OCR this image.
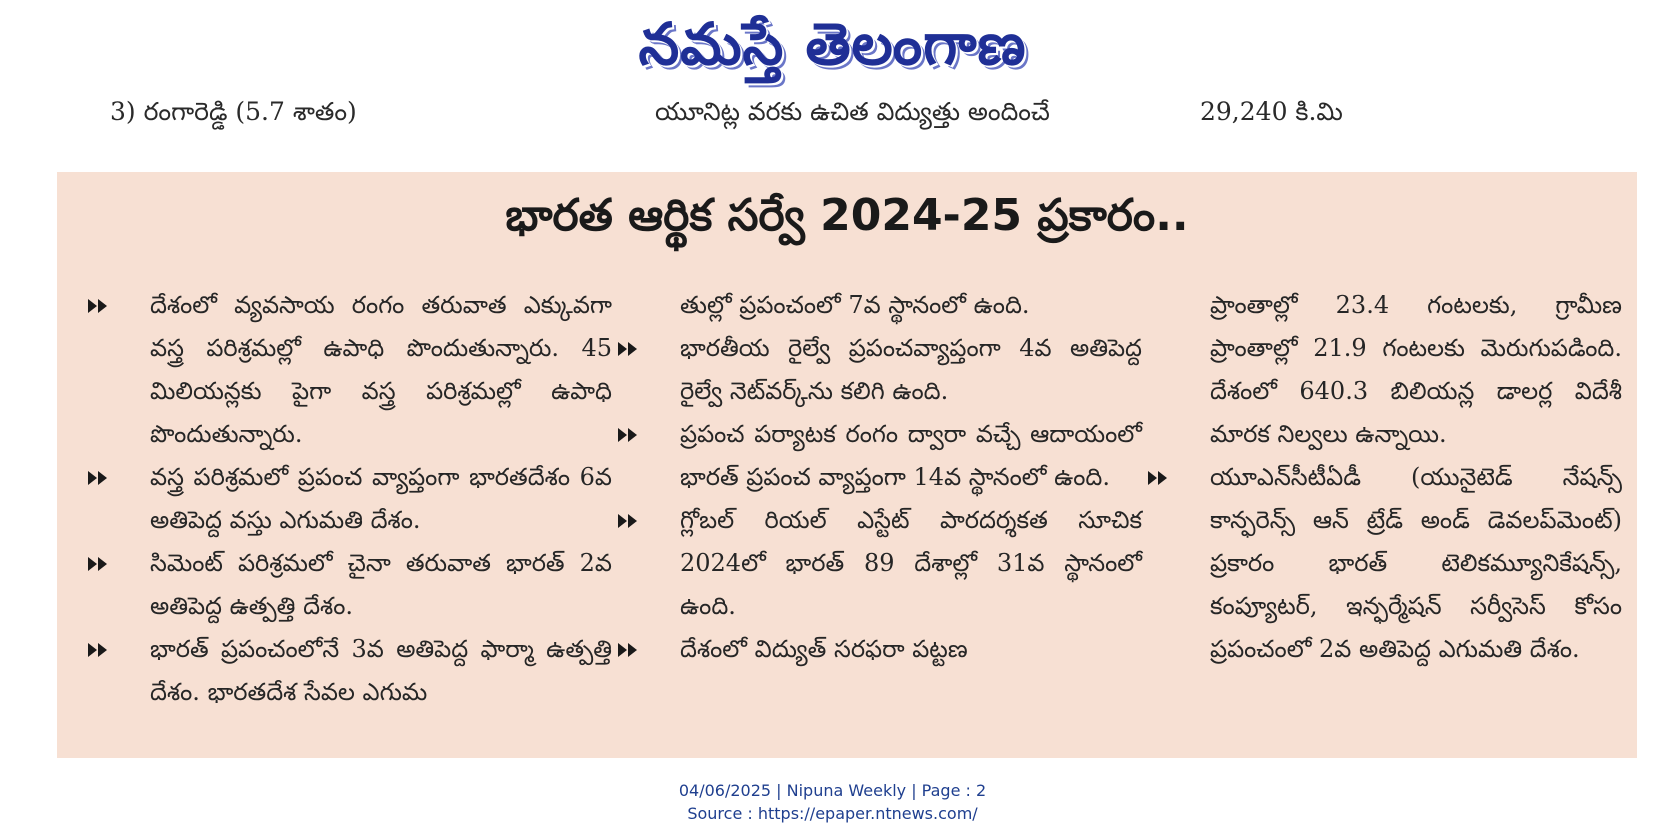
నమస్తే తెలంగాణ
3) రంగారెడ్డి (5.7 శాతం)	యూనిట్ల వరకు ఉచిత విద్యుత్తు అందించే	29,240 కి.మి
భారత ఆర్థిక సర్వే 2024-25 ప్రకారం..
దేశంలో వ్యవసాయ రంగం తరువాత ఎక్కువగా వస్త్ర పరిశ్రమల్లో ఉపాధి పొందుతున్నారు. 45 మిలియన్లకు పైగా వస్త్ర పరిశ్రమల్లో ఉపాధి పొందుతున్నారు.
వస్త్ర పరిశ్రమలో ప్రపంచ వ్యాప్తంగా భారతదేశం 6వ అతిపెద్ద వస్తు ఎగుమతి దేశం.
సిమెంట్ పరిశ్రమలో చైనా తరువాత భారత్ 2వ అతిపెద్ద ఉత్పత్తి దేశం.
భారత్ ప్రపంచంలోనే 3వ అతిపెద్ద ఫార్మా ఉత్పత్తి దేశం. భారతదేశ సేవల ఎగుమ
తుల్లో ప్రపంచంలో 7వ స్థానంలో ఉంది.
భారతీయ రైల్వే ప్రపంచవ్యాప్తంగా 4వ అతిపెద్ద రైల్వే నెట్‌వర్క్‌ను కలిగి ఉంది.
ప్రపంచ పర్యాటక రంగం ద్వారా వచ్చే ఆదాయంలో భారత్ ప్రపంచ వ్యాప్తంగా 14వ స్థానంలో ఉంది.
గ్లోబల్ రియల్ ఎస్టేట్ పారదర్శకత సూచిక 2024లో భారత్ 89 దేశాల్లో 31వ స్థానంలో ఉంది.
దేశంలో విద్యుత్ సరఫరా పట్టణ
ప్రాంతాల్లో 23.4 గంటలకు, గ్రామీణ ప్రాంతాల్లో 21.9 గంటలకు మెరుగుపడింది. దేశంలో 640.3 బిలియన్ల డాలర్ల విదేశీ మారక నిల్వలు ఉన్నాయి.
యూఎన్‌సీటీఏడీ (యునైటెడ్ నేషన్స్ కాన్ఫరెన్స్ ఆన్ ట్రేడ్ అండ్ డెవలప్‌మెంట్) ప్రకారం భారత్ టెలికమ్యూనికేషన్స్, కంప్యూటర్, ఇన్ఫర్మేషన్ సర్వీసెస్ కోసం ప్రపంచంలో 2వ అతిపెద్ద ఎగుమతి దేశం.
04/06/2025 | Nipuna Weekly | Page : 2
Source : https://epaper.ntnews.com/
